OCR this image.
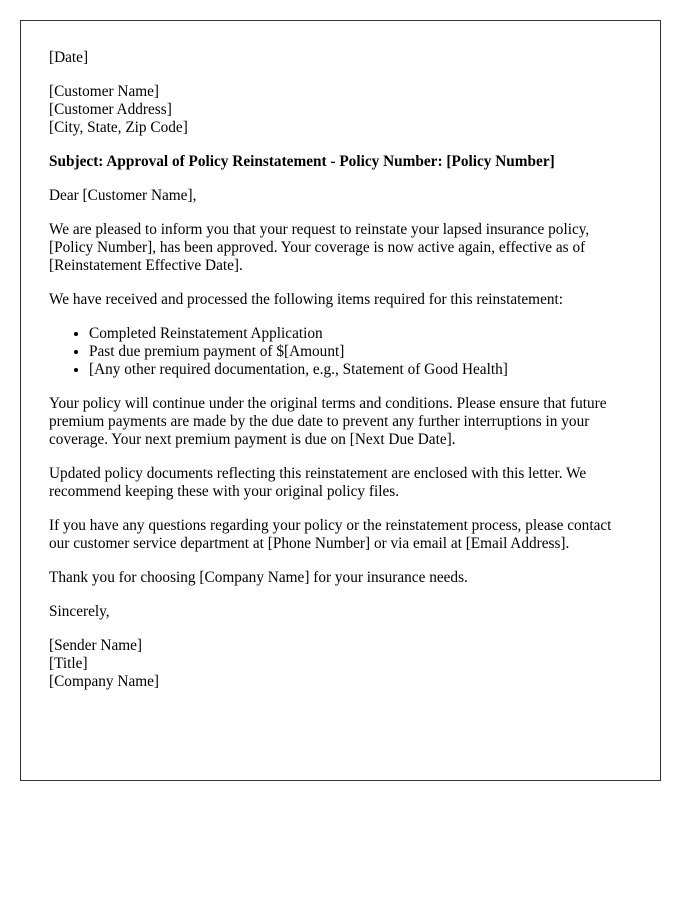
[Date]

[Customer Name]
[Customer Address]
[City, State, Zip Code]

Subject: Approval of Policy Reinstatement - Policy Number: [Policy Number]

Dear [Customer Name],

We are pleased to inform you that your request to reinstate your lapsed insurance policy, [Policy Number], has been approved. Your coverage is now active again, effective as of [Reinstatement Effective Date].

We have received and processed the following items required for this reinstatement:

• Completed Reinstatement Application
• Past due premium payment of $[Amount]
• [Any other required documentation, e.g., Statement of Good Health]

Your policy will continue under the original terms and conditions. Please ensure that future premium payments are made by the due date to prevent any further interruptions in your coverage. Your next premium payment is due on [Next Due Date].

Updated policy documents reflecting this reinstatement are enclosed with this letter. We recommend keeping these with your original policy files.

If you have any questions regarding your policy or the reinstatement process, please contact our customer service department at [Phone Number] or via email at [Email Address].

Thank you for choosing [Company Name] for your insurance needs.

Sincerely,

[Sender Name]
[Title]
[Company Name]
